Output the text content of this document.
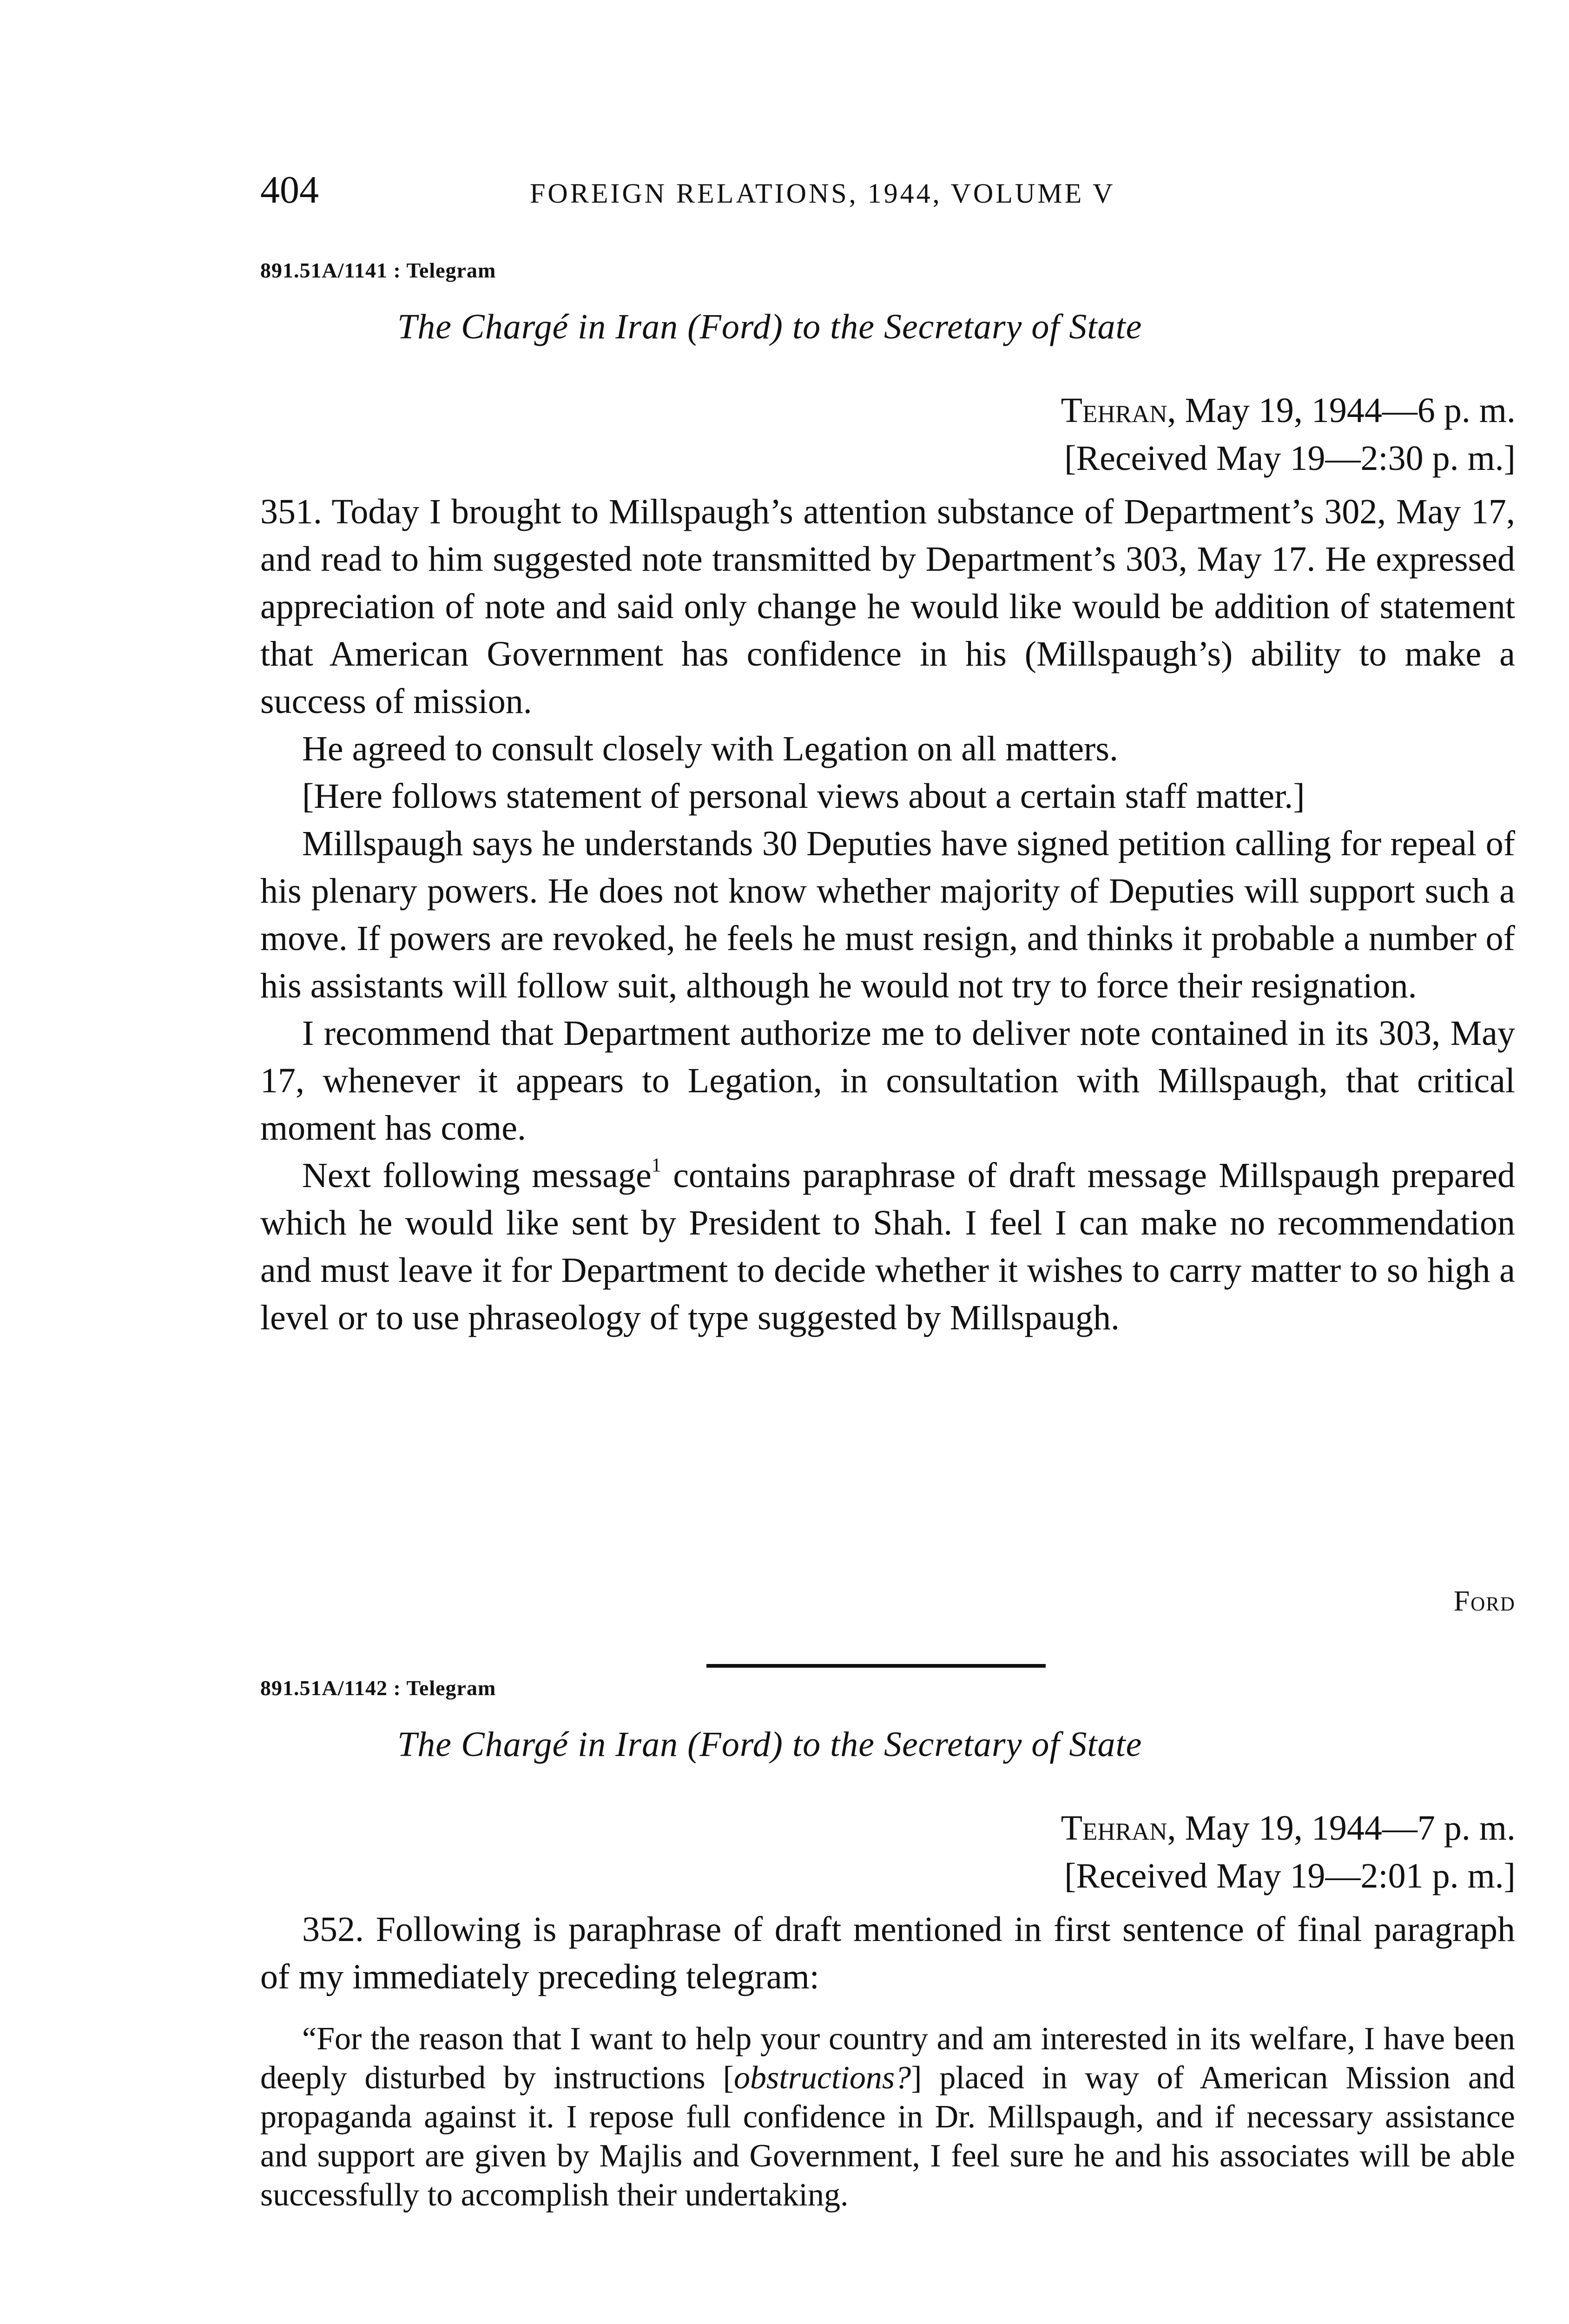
404	FOREIGN RELATIONS, 1944, VOLUME V
891.51A/1141 : Telegram
The Chargé in Iran (Ford) to the Secretary of State
Tehran, May 19, 1944—6 p. m.
[Received May 19—2:30 p. m.]

351. Today I brought to Millspaugh’s attention substance of Department’s 302, May 17, and read to him suggested note transmitted by Department’s 303, May 17. He expressed appreciation of note and said only change he would like would be addition of statement that American Government has confidence in his (Millspaugh’s) ability to make a success of mission.

He agreed to consult closely with Legation on all matters.

[Here follows statement of personal views about a certain staff matter.]

Millspaugh says he understands 30 Deputies have signed petition calling for repeal of his plenary powers. He does not know whether majority of Deputies will support such a move. If powers are revoked, he feels he must resign, and thinks it probable a number of his assistants will follow suit, although he would not try to force their resignation.

I recommend that Department authorize me to deliver note contained in its 303, May 17, whenever it appears to Legation, in consultation with Millspaugh, that critical moment has come.

Next following message$^1$ contains paraphrase of draft message Millspaugh prepared which he would like sent by President to Shah. I feel I can make no recommendation and must leave it for Department to decide whether it wishes to carry matter to so high a level or to use phraseology of type suggested by Millspaugh.

Ford
891.51A/1142 : Telegram
The Chargé in Iran (Ford) to the Secretary of State
Tehran, May 19, 1944—7 p. m.
[Received May 19—2:01 p. m.]

352. Following is paraphrase of draft mentioned in first sentence of final paragraph of my immediately preceding telegram:

“For the reason that I want to help your country and am interested in its welfare, I have been deeply disturbed by instructions [obstructions?] placed in way of American Mission and propaganda against it. I repose full confidence in Dr. Millspaugh, and if necessary assistance and support are given by Majlis and Government, I feel sure he and his associates will be able successfully to accomplish their undertaking.
